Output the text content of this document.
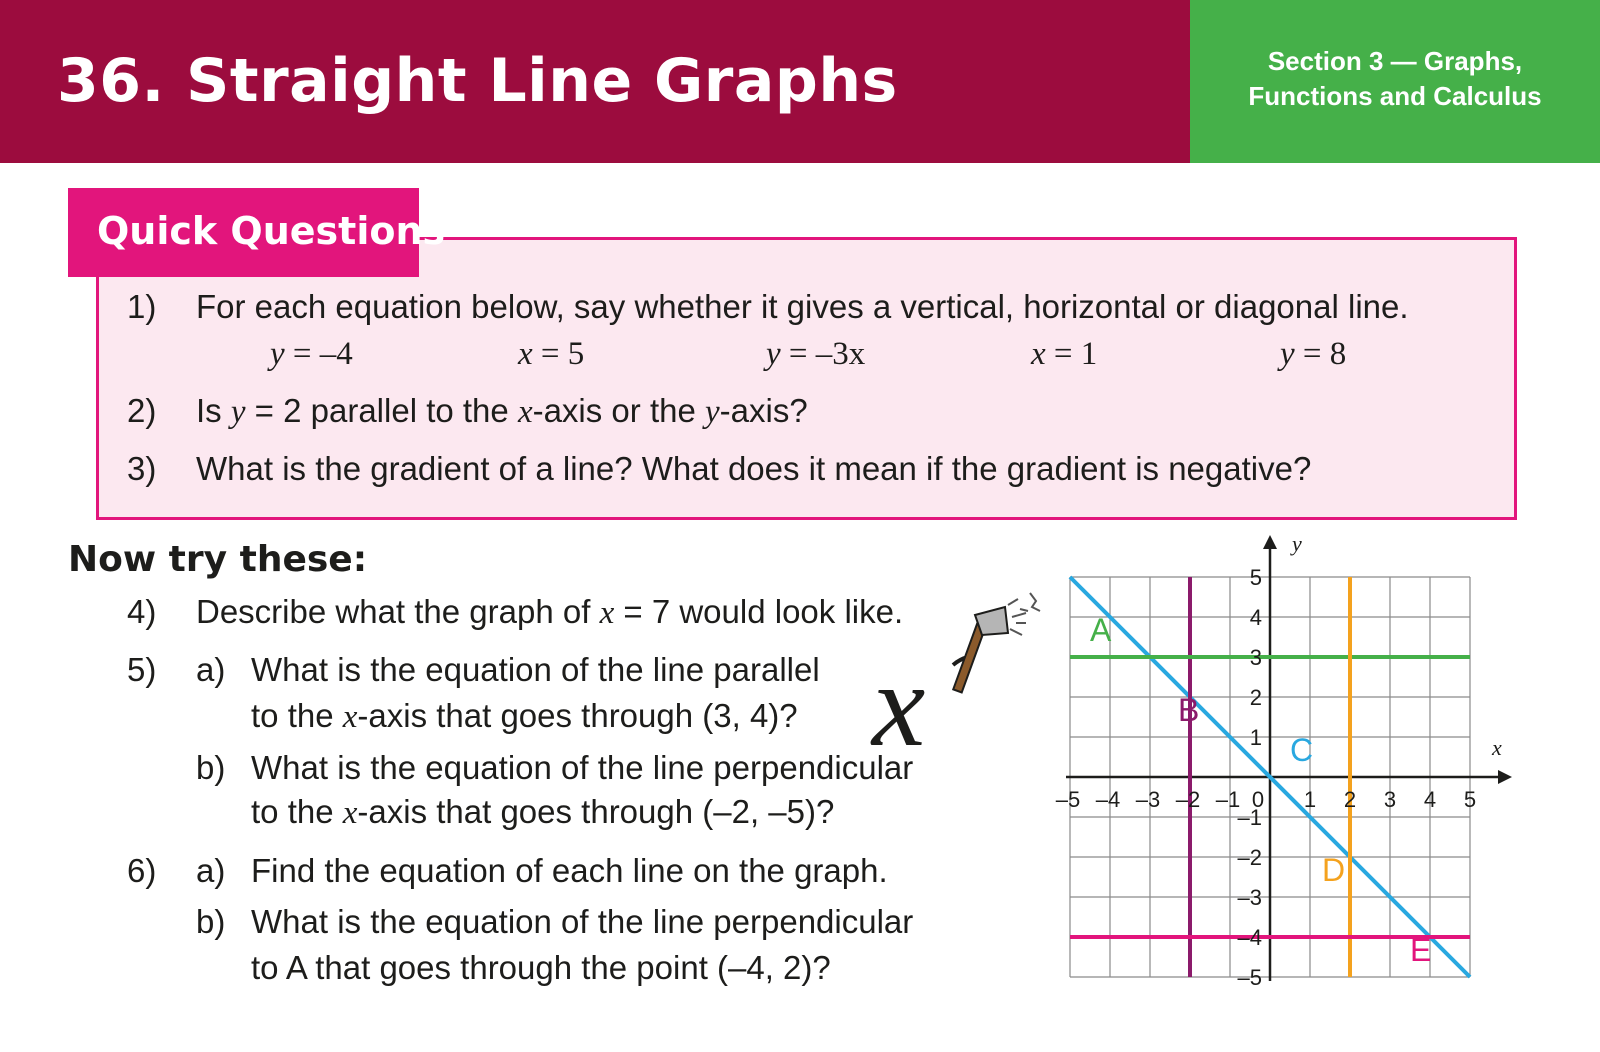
36. Straight Line Graphs	Section 3 — Graphs,
Functions and Calculus
Quick Questions
1) For each equation below, say whether it gives a vertical, horizontal or diagonal line.
y = –4	x = 5	y = –3x	x = 1	y = 8
2) Is y = 2 parallel to the x-axis or the y-axis?
3) What is the gradient of a line? What does it mean if the gradient is negative?
Now try these:
4) Describe what the graph of x = 7 would look like.
5) a) What is the equation of the line parallel
to the x-axis that goes through (3, 4)?
b) What is the equation of the line perpendicular
to the x-axis that goes through (–2, –5)?
6) a) Find the equation of each line on the graph.
b) What is the equation of the line perpendicular
to A that goes through the point (–4, 2)?
x	x
y
–5 –4 –3 –2 –1 0 1 2 3 4 5
5
4
3
2
1
–1
–2
–3
–4
–5
A
B
C
D
E
